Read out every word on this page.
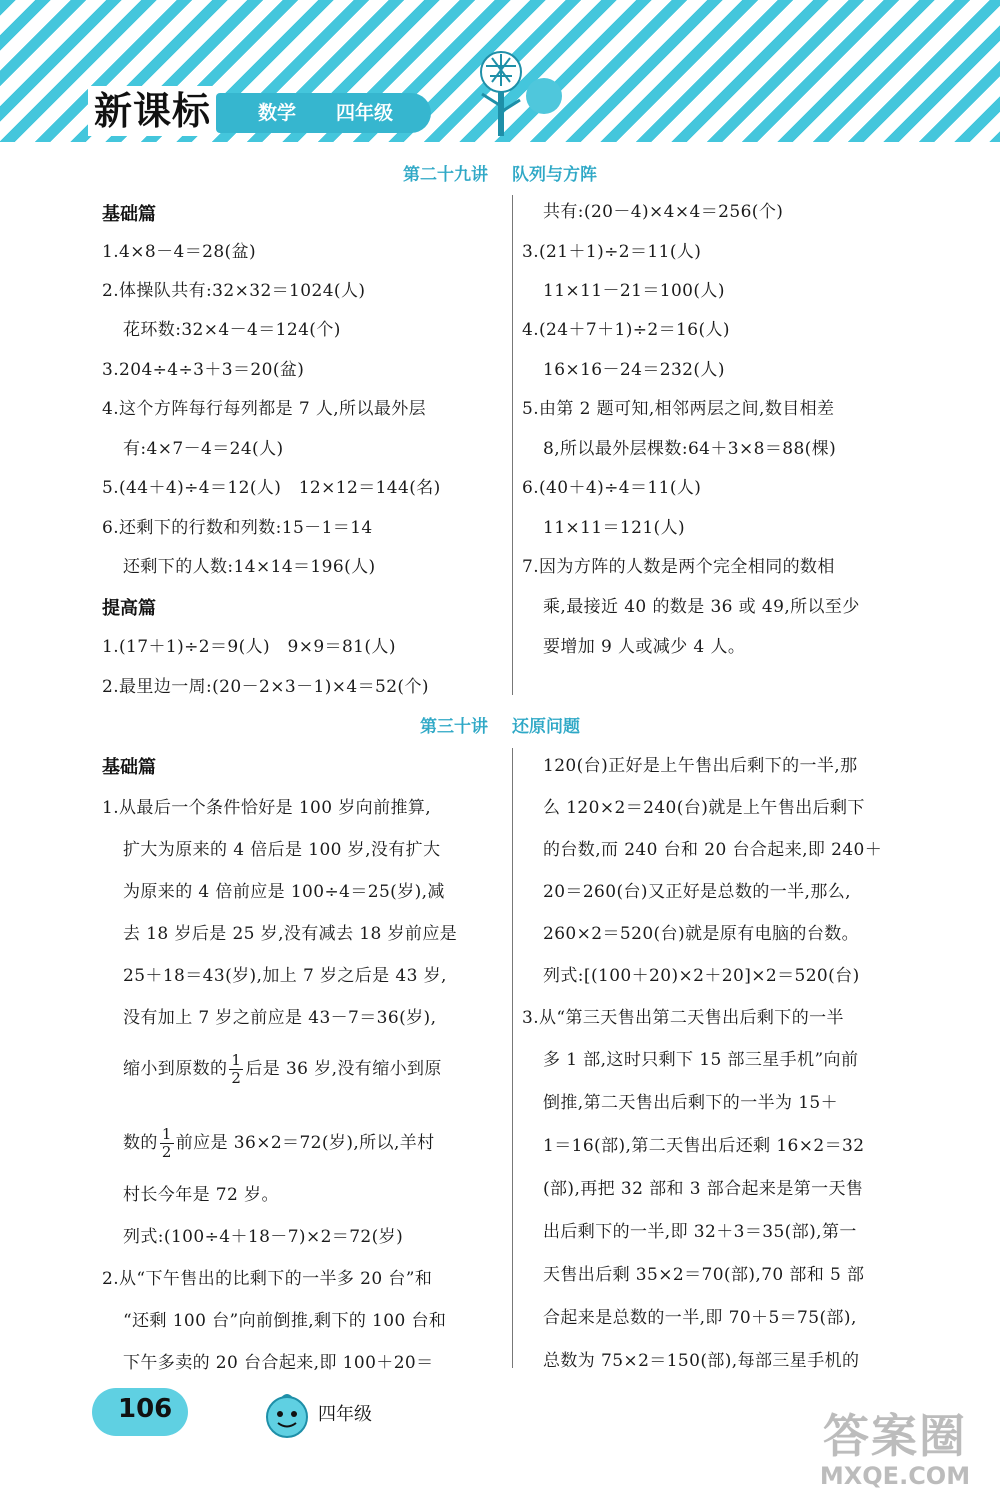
新课标	数学 四年级
第二十九讲 队列与方阵
基础篇
1.4×8－4＝28(盆)
2.体操队共有:32×32＝1024(人)
花环数:32×4－4＝124(个)
3.204÷4÷3＋3＝20(盆)
4.这个方阵每行每列都是 7 人,所以最外层
有:4×7－4＝24(人)
5.(44＋4)÷4＝12(人)　12×12＝144(名)
6.还剩下的行数和列数:15－1＝14
还剩下的人数:14×14＝196(人)
提高篇
1.(17＋1)÷2＝9(人)　9×9＝81(人)
2.最里边一周:(20－2×3－1)×4＝52(个)
共有:(20－4)×4×4＝256(个)
3.(21＋1)÷2＝11(人)
11×11－21＝100(人)
4.(24＋7＋1)÷2＝16(人)
16×16－24＝232(人)
5.由第 2 题可知,相邻两层之间,数目相差
8,所以最外层棵数:64＋3×8＝88(棵)
6.(40＋4)÷4＝11(人)
11×11＝121(人)
7.因为方阵的人数是两个完全相同的数相
乘,最接近 40 的数是 36 或 49,所以至少
要增加 9 人或减少 4 人。
第三十讲 还原问题
基础篇
1.从最后一个条件恰好是 100 岁向前推算,
扩大为原来的 4 倍后是 100 岁,没有扩大
为原来的 4 倍前应是 100÷4＝25(岁),减
去 18 岁后是 25 岁,没有减去 18 岁前应是
25＋18＝43(岁),加上 7 岁之后是 43 岁,
没有加上 7 岁之前应是 43－7＝36(岁),
缩小到原数的 $\frac{1}{2}$ 后是 36 岁,没有缩小到原
数的 $\frac{1}{2}$ 前应是 36×2＝72(岁),所以,羊村
村长今年是 72 岁。
列式:(100÷4＋18－7)×2＝72(岁)
2.从“下午售出的比剩下的一半多 20 台”和
“还剩 100 台”向前倒推,剩下的 100 台和
下午多卖的 20 台合起来,即 100＋20＝
120(台)正好是上午售出后剩下的一半,那
么 120×2＝240(台)就是上午售出后剩下
的台数,而 240 台和 20 台合起来,即 240＋
20＝260(台)又正好是总数的一半,那么,
260×2＝520(台)就是原有电脑的台数。
列式:[(100＋20)×2＋20]×2＝520(台)
3.从“第三天售出第二天售出后剩下的一半
多 1 部,这时只剩下 15 部三星手机”向前
倒推,第二天售出后剩下的一半为 15＋
1＝16(部),第二天售出后还剩 16×2＝32
(部),再把 32 部和 3 部合起来是第一天售
出后剩下的一半,即 32＋3＝35(部),第一
天售出后剩 35×2＝70(部),70 部和 5 部
合起来是总数的一半,即 70＋5＝75(部),
总数为 75×2＝150(部),每部三星手机的
106	四年级	答案圈
MXQE.COM
